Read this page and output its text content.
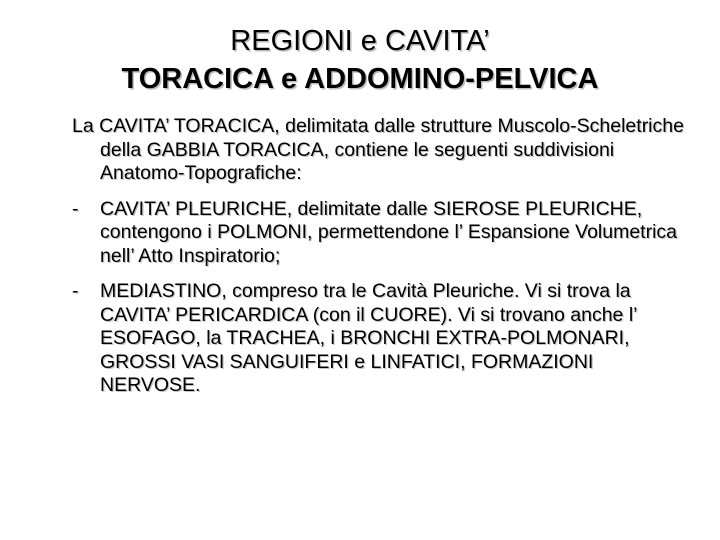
REGIONI e CAVITA’
TORACICA e ADDOMINO-PELVICA
La CAVITA’ TORACICA, delimitata dalle strutture Muscolo-Scheletriche della GABBIA TORACICA, contiene le seguenti suddivisioni Anatomo-Topografiche:
- CAVITA’ PLEURICHE, delimitate dalle SIEROSE PLEURICHE, contengono i POLMONI, permettendone l’ Espansione Volumetrica nell’ Atto Inspiratorio;
- MEDIASTINO, compreso tra le Cavità Pleuriche. Vi si trova la CAVITA’ PERICARDICA (con il CUORE). Vi si trovano anche l’ ESOFAGO, la TRACHEA, i BRONCHI EXTRA-POLMONARI, GROSSI VASI SANGUIFERI e LINFATICI, FORMAZIONI NERVOSE.
